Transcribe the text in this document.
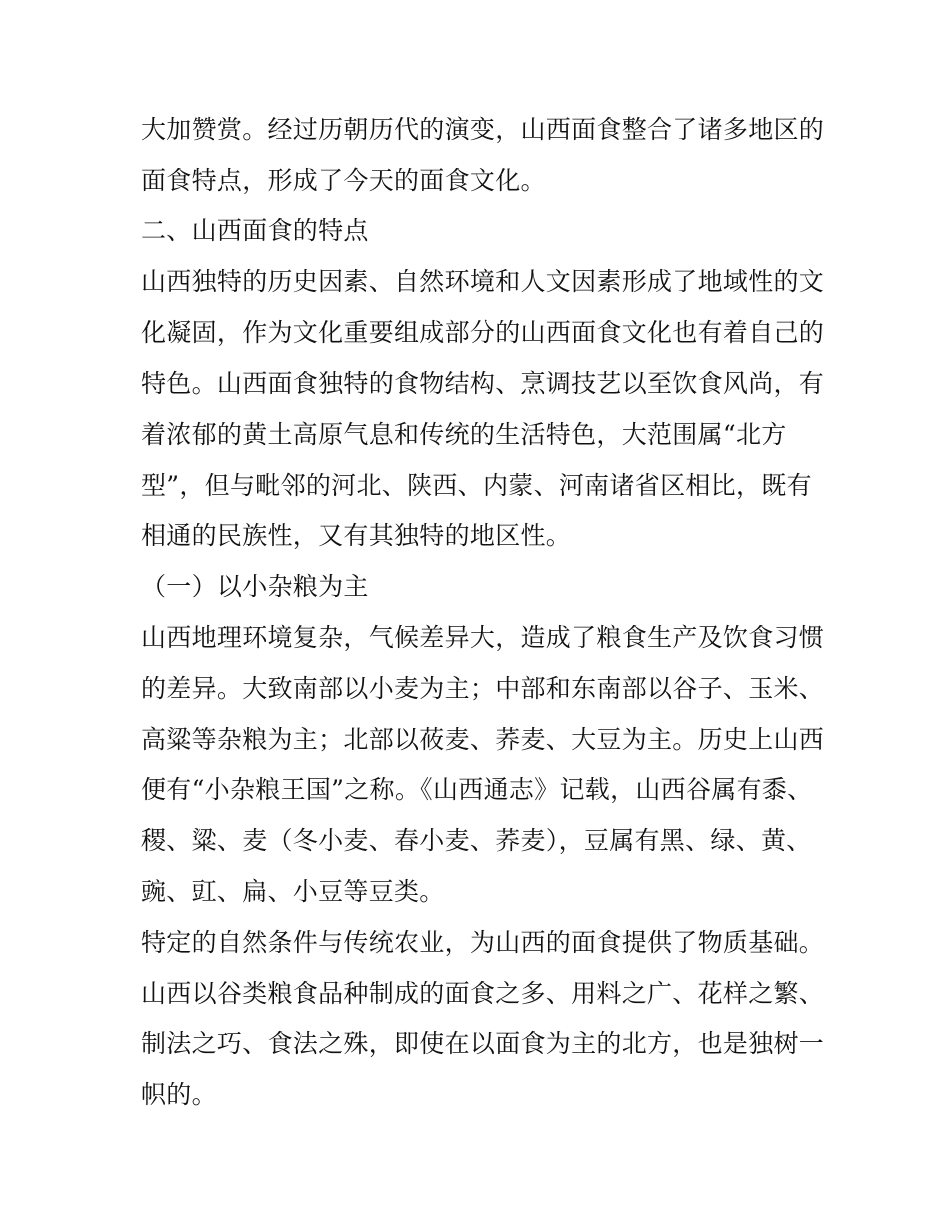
大加赞赏。经过历朝历代的演变，山西面食整合了诸多地区的
面食特点，形成了今天的面食文化。
二、山西面食的特点
山西独特的历史因素、自然环境和人文因素形成了地域性的文
化凝固，作为文化重要组成部分的山西面食文化也有着自己的
特色。山西面食独特的食物结构、烹调技艺以至饮食风尚，有
着浓郁的黄土高原气息和传统的生活特色，大范围属“北方
型”，但与毗邻的河北、陕西、内蒙、河南诸省区相比，既有
相通的民族性，又有其独特的地区性。
（一）以小杂粮为主
山西地理环境复杂，气候差异大，造成了粮食生产及饮食习惯
的差异。大致南部以小麦为主；中部和东南部以谷子、玉米、
高粱等杂粮为主；北部以莜麦、荞麦、大豆为主。历史上山西
便有“小杂粮王国”之称。《山西通志》记载，山西谷属有黍、
稷、粱、麦（冬小麦、春小麦、荞麦），豆属有黑、绿、黄、
豌、豇、扁、小豆等豆类。
特定的自然条件与传统农业，为山西的面食提供了物质基础。
山西以谷类粮食品种制成的面食之多、用料之广、花样之繁、
制法之巧、食法之殊，即使在以面食为主的北方，也是独树一
帜的。
